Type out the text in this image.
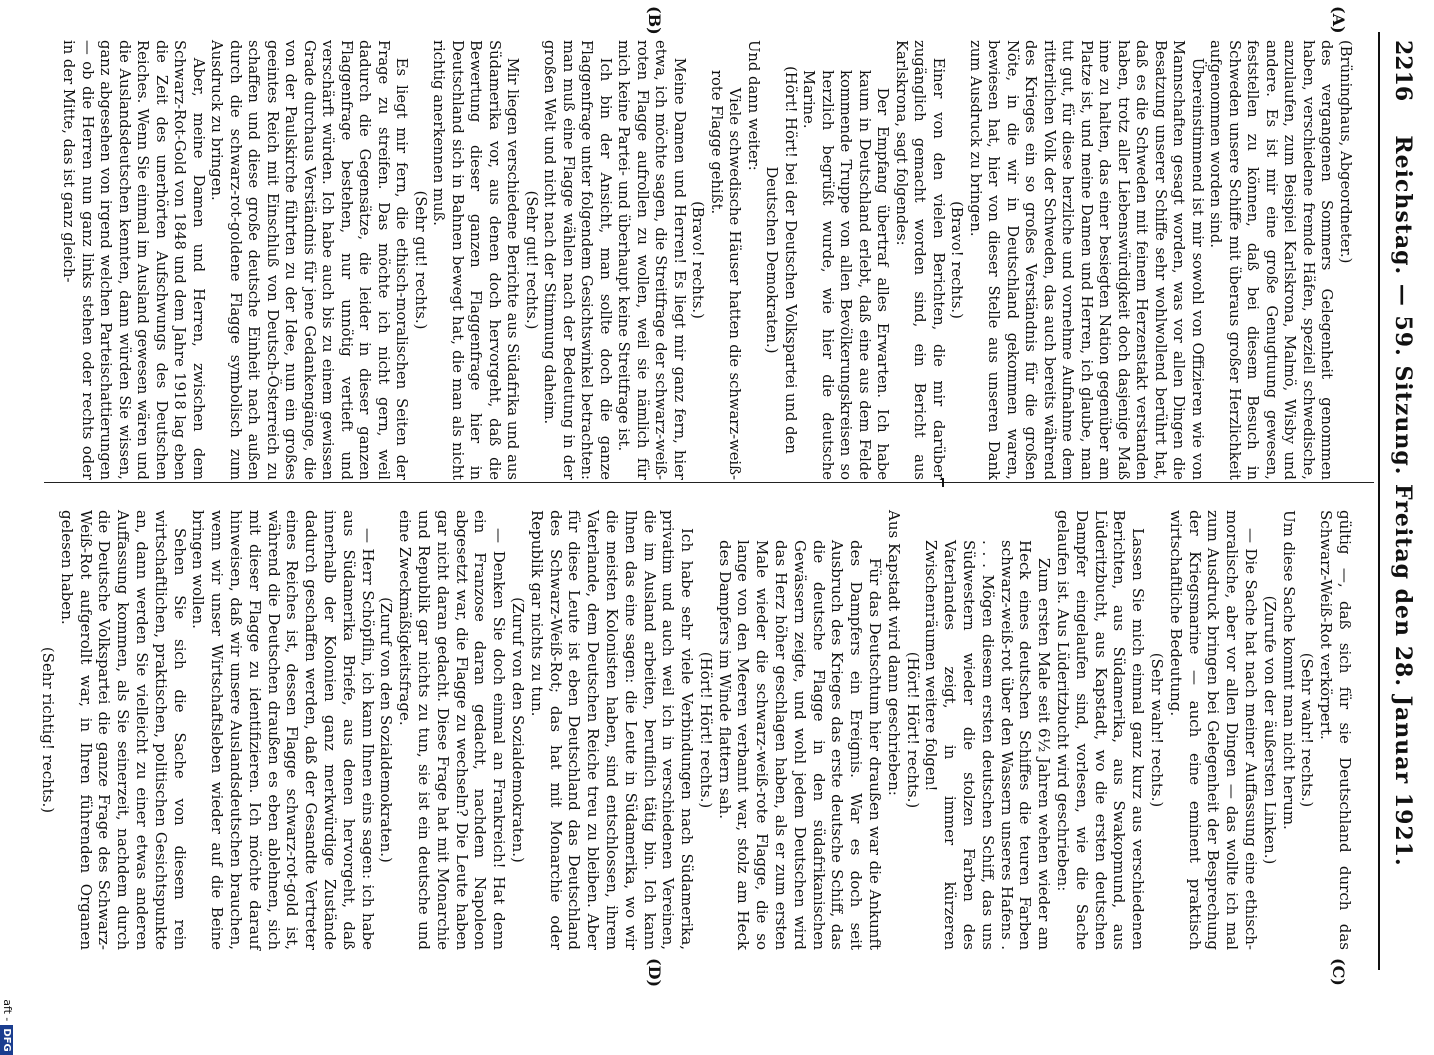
DFG
2216
Reichstag. — 59. Sitzung. Freitag den 28. Januar 1921.
(A)
(B)
(C)
(D)

(Brüninghaus, Abgeordneter.)

des vergangenen Sommers Gelegenheit genommen haben, verschiedene fremde Häfen, speziell schwedische, anzulaufen, zum Beispiel Karlskrona, Malmö, Wisby und andere. Es ist mir eine große Genugtuung gewesen, feststellen zu können, daß bei diesem Besuch in Schweden unsere Schiffe mit überaus großer Herzlichkeit aufgenommen worden sind.

Übereinstimmend ist mir sowohl von Offizieren wie von Mannschaften gesagt worden, was vor allen Dingen die Besatzung unserer Schiffe sehr wohlwollend berührt hat, daß es die Schweden mit feinem Herzenstakt verstanden haben, trotz aller Liebenswürdigkeit doch dasjenige Maß inne zu halten, das einer besiegten Nation gegenüber am Platze ist, und meine Damen und Herren, ich glaube, man tut gut, für diese herzliche und vornehme Aufnahme dem ritterlichen Volk der Schweden, das auch bereits während des Krieges ein so großes Verständnis für die großen Nöte, in die wir in Deutschland gekommen waren, bewiesen hat, hier von dieser Stelle aus unseren Dank zum Ausdruck zu bringen.

(Bravo! rechts.)

Einer von den vielen Berichten, die mir darüber zugänglich gemacht worden sind, ein Bericht aus Karlskrona, sagt folgendes:

Der Empfang übertraf alles Erwarten. Ich habe kaum in Deutschland erlebt, daß eine aus dem Felde kommende Truppe von allen Bevölkerungskreisen so herzlich begrüßt wurde, wie hier die deutsche Marine.

(Hört! Hört! bei der Deutschen Volkspartei und den Deutschen Demokraten.)

Und dann weiter:

Viele schwedische Häuser hatten die schwarz-weiß-rote Flagge gehißt.

(Bravo! rechts.)

Meine Damen und Herren! Es liegt mir ganz fern, hier etwa, ich möchte sagen, die Streitfrage der schwarz-weiß-roten Flagge aufrollen zu wollen, weil sie nämlich für mich keine Partei- und überhaupt keine Streitfrage ist.

Ich bin der Ansicht, man sollte doch die ganze Flaggenfrage unter folgendem Gesichtswinkel betrachten: man muß eine Flagge wählen nach der Bedeutung in der großen Welt und nicht nach der Stimmung daheim.

(Sehr gut! rechts.)

Mir liegen verschiedene Berichte aus Südafrika und aus Südamerika vor, aus denen doch hervorgeht, daß die Bewertung dieser ganzen Flaggenfrage hier in Deutschland sich in Bahnen bewegt hat, die man als nicht richtig anerkennen muß.

(Sehr gut! rechts.)

Es liegt mir fern, die ethisch-moralischen Seiten der Frage zu streifen. Das möchte ich nicht gern, weil dadurch die Gegensätze, die leider in dieser ganzen Flaggenfrage bestehen, nur unnötig vertieft und verschärft würden. Ich habe auch bis zu einem gewissen Grade durchaus Verständnis für jene Gedankengänge, die von der Paulskirche führten zu der Idee, nun ein großes geeintes Reich mit Einschluß von Deutsch-Österreich zu schaffen und diese große deutsche Einheit nach außen durch die schwarz-rot-goldene Flagge symbolisch zum Ausdruck zu bringen.

Aber, meine Damen und Herren, zwischen dem Schwarz-Rot-Gold von 1848 und dem Jahre 1918 lag eben die Zeit des unerhörten Aufschwungs des Deutschen Reiches. Wenn Sie einmal im Ausland gewesen wären und die Auslandsdeutschen kennten, dann würden Sie wissen, ganz abgesehen von irgend welchen Parteischattierungen — ob die Herren nun ganz links stehen oder rechts oder in der Mitte, das ist ganz gleich-

gültig —, daß sich für sie Deutschland durch das Schwarz-Weiß-Rot verkörpert.

(Sehr wahr! rechts.)

Um diese Sache kommt man nicht herum.

(Zurufe von der äußersten Linken.)

— Die Sache hat nach meiner Auffassung eine ethisch-moralische, aber vor allen Dingen — das wollte ich mal zum Ausdruck bringen bei Gelegenheit der Besprechung der Kriegsmarine — auch eine eminent praktisch wirtschaftliche Bedeutung.

(Sehr wahr! rechts.)

Lassen Sie mich einmal ganz kurz aus verschiedenen Berichten, aus Südamerika, aus Swakopmund, aus Lüderitzbucht, aus Kapstadt, wo die ersten deutschen Dampfer eingelaufen sind, vorlesen, wie die Sache gelaufen ist. Aus Lüderitzbucht wird geschrieben:

Zum ersten Male seit 6½ Jahren wehen wieder am Heck eines deutschen Schiffes die teuren Farben schwarz-weiß-rot über den Wassern unseres Hafens . . . . Mögen diesem ersten deutschen Schiff, das uns Südwestern wieder die stolzen Farben des Vaterlandes zeigt, in immer kürzeren Zwischenräumen weitere folgen!

(Hört! Hört! rechts.)

Aus Kapstadt wird dann geschrieben:

Für das Deutschtum hier draußen war die Ankunft des Dampfers ein Ereignis. War es doch seit Ausbruch des Krieges das erste deutsche Schiff, das die deutsche Flagge in den südafrikanischen Gewässern zeigte, und wohl jedem Deutschen wird das Herz höher geschlagen haben, als er zum ersten Male wieder die schwarz-weiß-rote Flagge, die so lange von den Meeren verbannt war, stolz am Heck des Dampfers im Winde flattern sah.

(Hört! Hört! rechts.)

Ich habe sehr viele Verbindungen nach Südamerika, privatim und auch weil ich in verschiedenen Vereinen, die im Ausland arbeiten, beruflich tätig bin. Ich kann Ihnen das eine sagen: die Leute in Südamerika, wo wir die meisten Kolonisten haben, sind entschlossen, ihrem Vaterlande, dem Deutschen Reiche treu zu bleiben. Aber für diese Leute ist eben Deutschland das Deutschland des Schwarz-Weiß-Rot; das hat mit Monarchie oder Republik gar nichts zu tun.

(Zuruf von den Sozialdemokraten.)

— Denken Sie doch einmal an Frankreich! Hat denn ein Franzose daran gedacht, nachdem Napoleon abgesetzt war, die Flagge zu wechseln? Die Leute haben gar nicht daran gedacht. Diese Frage hat mit Monarchie und Republik gar nichts zu tun, sie ist ein deutsche und eine Zweckmäßigkeitsfrage.

(Zuruf von den Sozialdemokraten.)

— Herr Schöpflin, ich kann Ihnen eins sagen: ich habe aus Südamerika Briefe, aus denen hervorgeht, daß innerhalb der Kolonien ganz merkwürdige Zustände dadurch geschaffen werden, daß der Gesandte Vertreter eines Reiches ist, dessen Flagge schwarz-rot-gold ist, während die Deutschen draußen es eben ablehnen, sich mit dieser Flagge zu identifizieren. Ich möchte darauf hinweisen, daß wir unsere Auslandsdeutschen brauchen, wenn wir unser Wirtschaftsleben wieder auf die Beine bringen wollen.

Sehen Sie sich die Sache von diesem rein wirtschaftlichen, praktischen, politischen Gesichtspunkte an, dann werden Sie vielleicht zu einer etwas anderen Auffassung kommen, als Sie seinerzeit, nachdem durch die Deutsche Volkspartei die ganze Frage des Schwarz-Weiß-Rot aufgerollt war, in Ihren führenden Organen gelesen haben.

(Sehr richtig! rechts.)
